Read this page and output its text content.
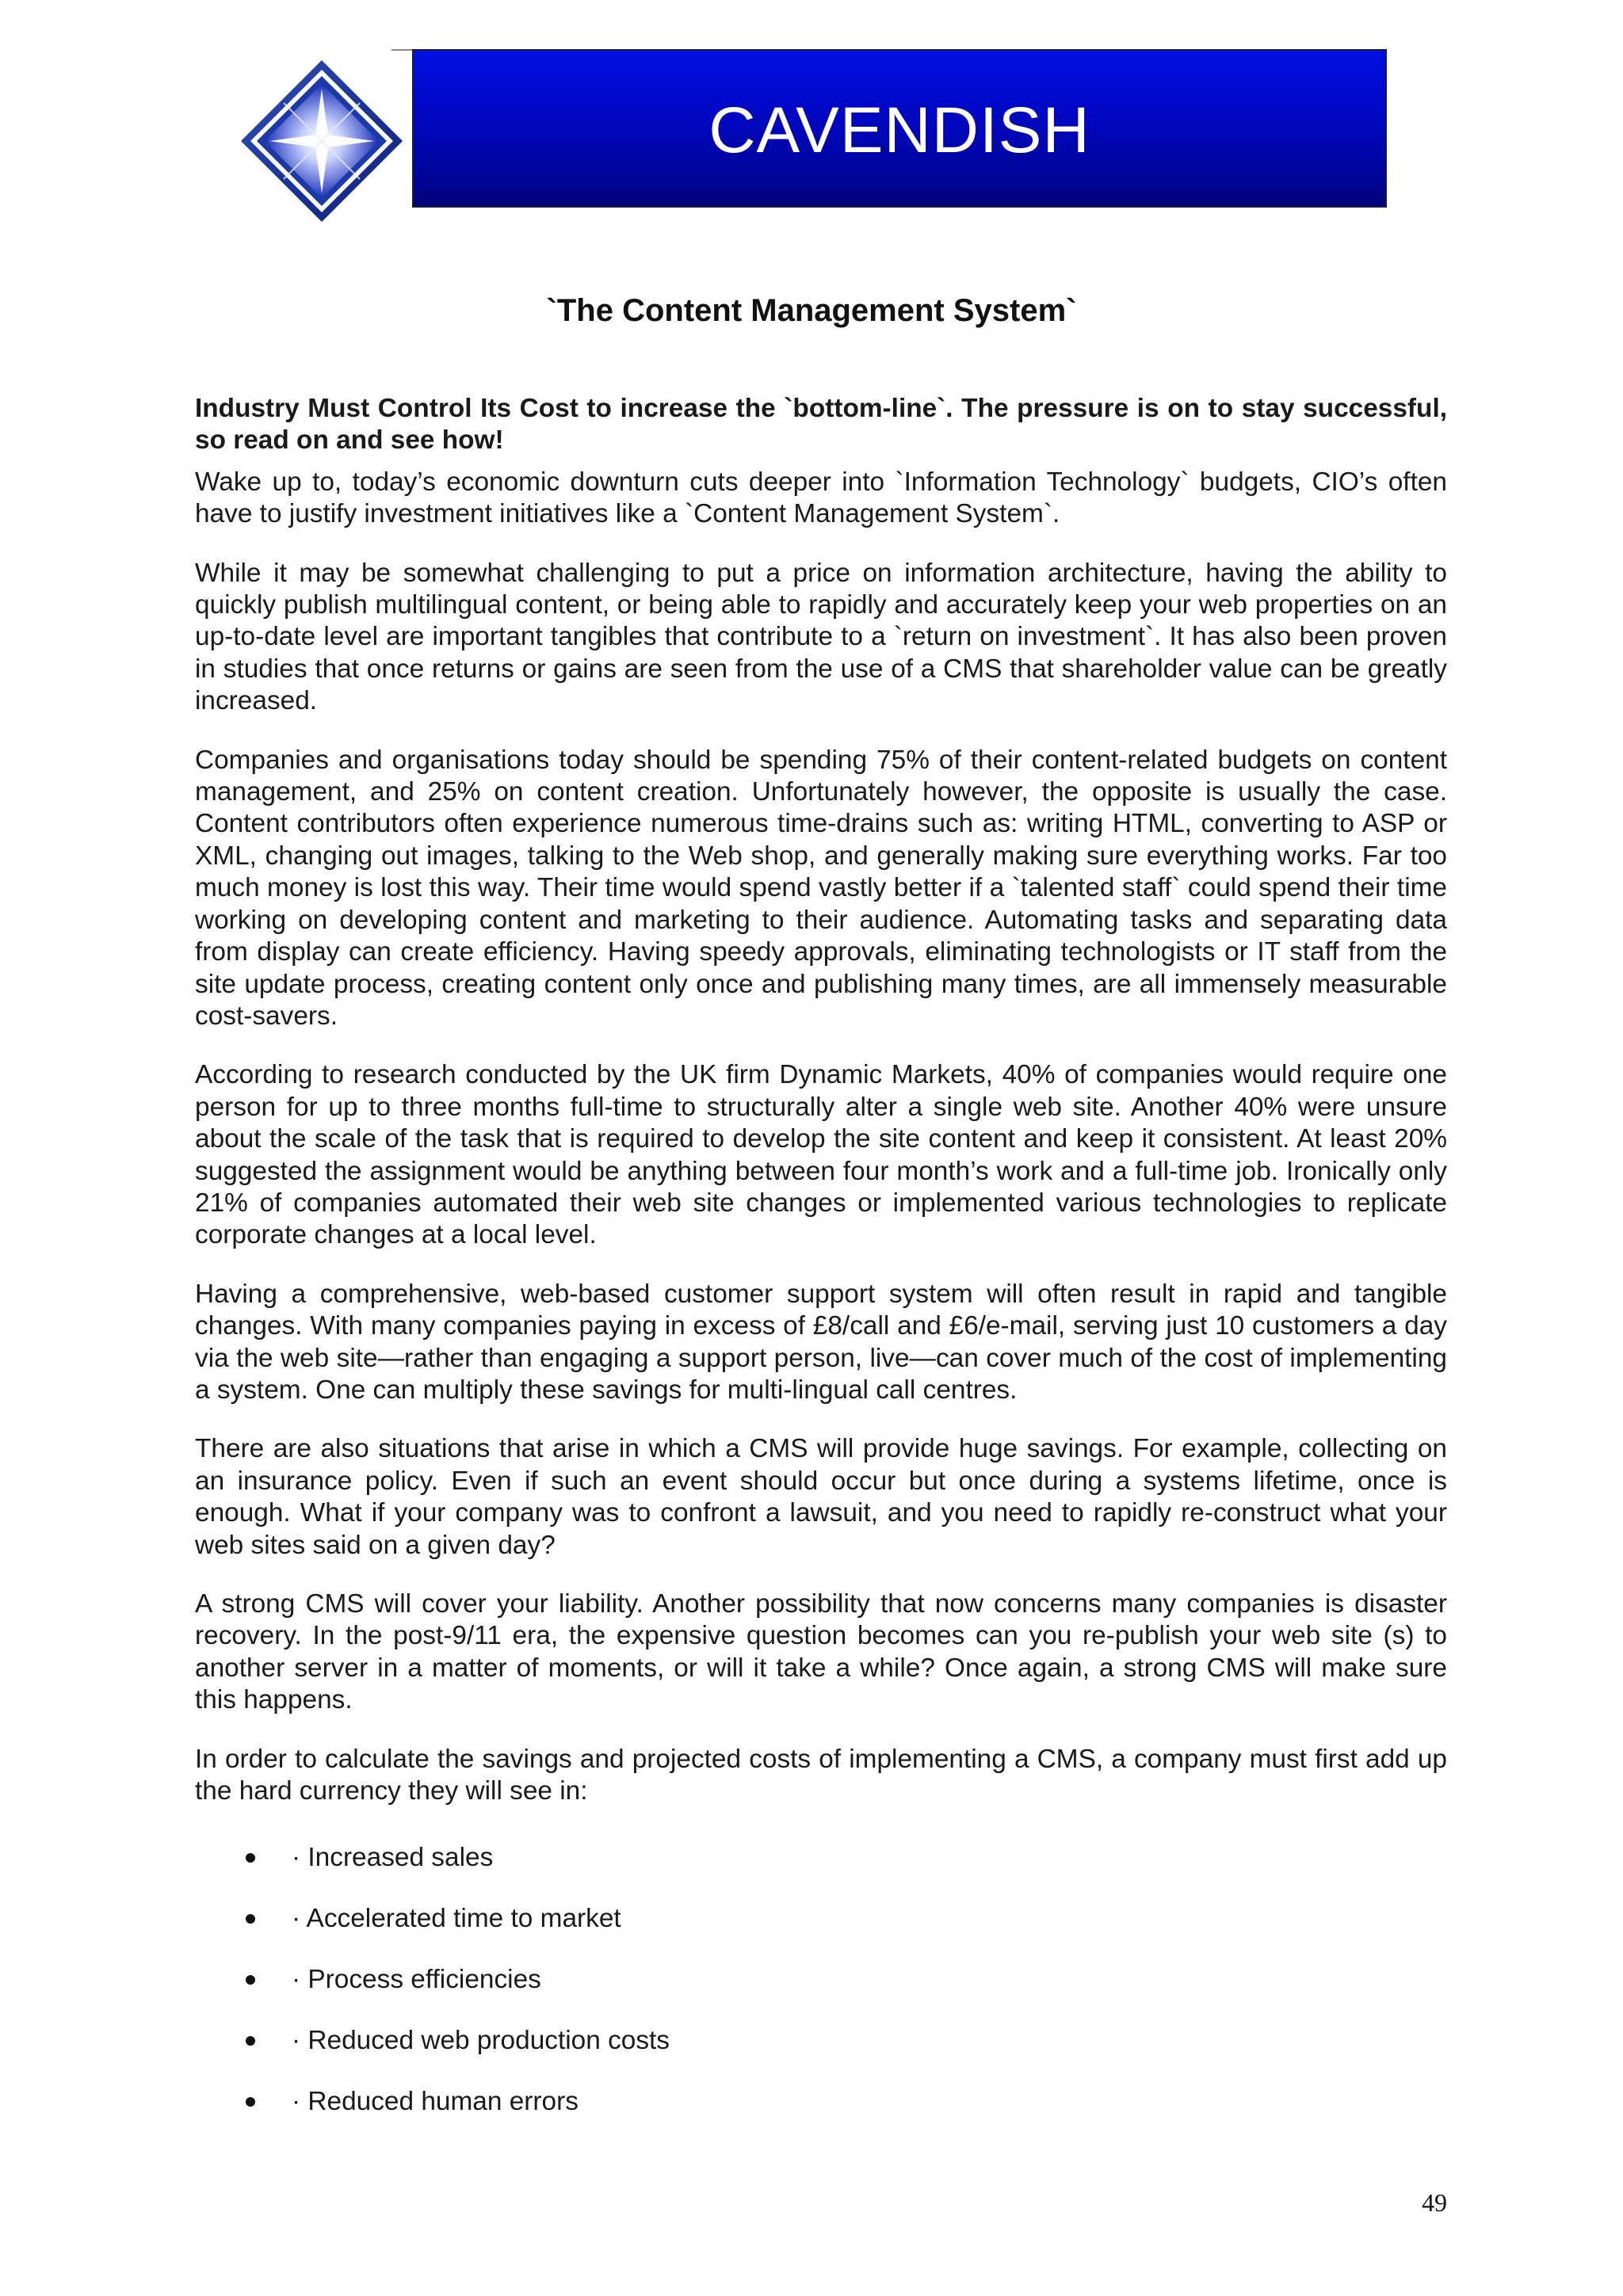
CAVENDISH
`The Content Management System`

Industry Must Control Its Cost to increase the `bottom-line`. The pressure is on to stay successful, so read on and see how!

Wake up to, today’s economic downturn cuts deeper into `Information Technology` budgets, CIO’s often have to justify investment initiatives like a `Content Management System`.

While it may be somewhat challenging to put a price on information architecture, having the ability to quickly publish multilingual content, or being able to rapidly and accurately keep your web properties on an up-to-date level are important tangibles that contribute to a `return on investment`. It has also been proven in studies that once returns or gains are seen from the use of a CMS that shareholder value can be greatly increased.

Companies and organisations today should be spending 75% of their content-related budgets on content management, and 25% on content creation. Unfortunately however, the opposite is usually the case. Content contributors often experience numerous time-drains such as: writing HTML, converting to ASP or XML, changing out images, talking to the Web shop, and generally making sure everything works. Far too much money is lost this way. Their time would spend vastly better if a `talented staff` could spend their time working on developing content and marketing to their audience. Automating tasks and separating data from display can create efficiency. Having speedy approvals, eliminating technologists or IT staff from the site update process, creating content only once and publishing many times, are all immensely measurable cost-savers.

According to research conducted by the UK firm Dynamic Markets, 40% of companies would require one person for up to three months full-time to structurally alter a single web site. Another 40% were unsure about the scale of the task that is required to develop the site content and keep it consistent. At least 20% suggested the assignment would be anything between four month’s work and a full-time job. Ironically only 21% of companies automated their web site changes or implemented various technologies to replicate corporate changes at a local level.

Having a comprehensive, web-based customer support system will often result in rapid and tangible changes. With many companies paying in excess of £8/call and £6/e-mail, serving just 10 customers a day via the web site—rather than engaging a support person, live—can cover much of the cost of implementing a system. One can multiply these savings for multi-lingual call centres.

There are also situations that arise in which a CMS will provide huge savings. For example, collecting on an insurance policy. Even if such an event should occur but once during a systems lifetime, once is enough. What if your company was to confront a lawsuit, and you need to rapidly re-construct what your web sites said on a given day?

A strong CMS will cover your liability. Another possibility that now concerns many companies is disaster recovery. In the post-9/11 era, the expensive question becomes can you re-publish your web site (s) to another server in a matter of moments, or will it take a while? Once again, a strong CMS will make sure this happens.

In order to calculate the savings and projected costs of implementing a CMS, a company must first add up the hard currency they will see in:

· Increased sales
· Accelerated time to market
· Process efficiencies
· Reduced web production costs
· Reduced human errors
49
